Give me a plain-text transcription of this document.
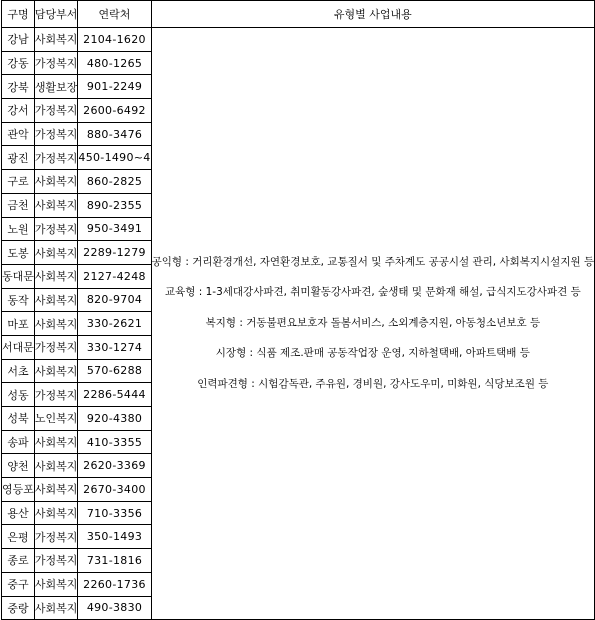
구명	담당부서	연락처	유형별 사업내용
강남	사회복지	2104-1620	공익형 : 거리환경개선, 자연환경보호, 교통질서 및 주차계도 공공시설 관리, 사회복지시설지원 등

교육형 : 1-3세대강사파견, 취미활동강사파견, 숲생태 및 문화재 해설, 급식지도강사파견 등

복지형 : 거동불편요보호자 돌봄서비스, 소외계층지원, 아동청소년보호 등

시장형 : 식품 제조.판매 공동작업장 운영, 지하철택배, 아파트택배 등

인력파견형 : 시험감독관, 주유원, 경비원, 강사도우미, 미화원, 식당보조원 등

강동	가정복지	480-1265	
강북	생활보장	901-2249	
강서	가정복지	2600-6492	
관악	가정복지	880-3476	
광진	가정복지	450-1490~4	
구로	사회복지	860-2825	
금천	사회복지	890-2355	
노원	가정복지	950-3491	
도봉	사회복지	2289-1279	
동대문	사회복지	2127-4248	
동작	사회복지	820-9704	
마포	사회복지	330-2621	
서대문	가정복지	330-1274	
서초	사회복지	570-6288	
성동	가정복지	2286-5444	
성북	노인복지	920-4380	
송파	사회복지	410-3355	
양천	사회복지	2620-3369	
영등포	사회복지	2670-3400	
용산	사회복지	710-3356	
은평	가정복지	350-1493	
종로	가정복지	731-1816	
중구	사회복지	2260-1736	
중랑	사회복지	490-3830	
